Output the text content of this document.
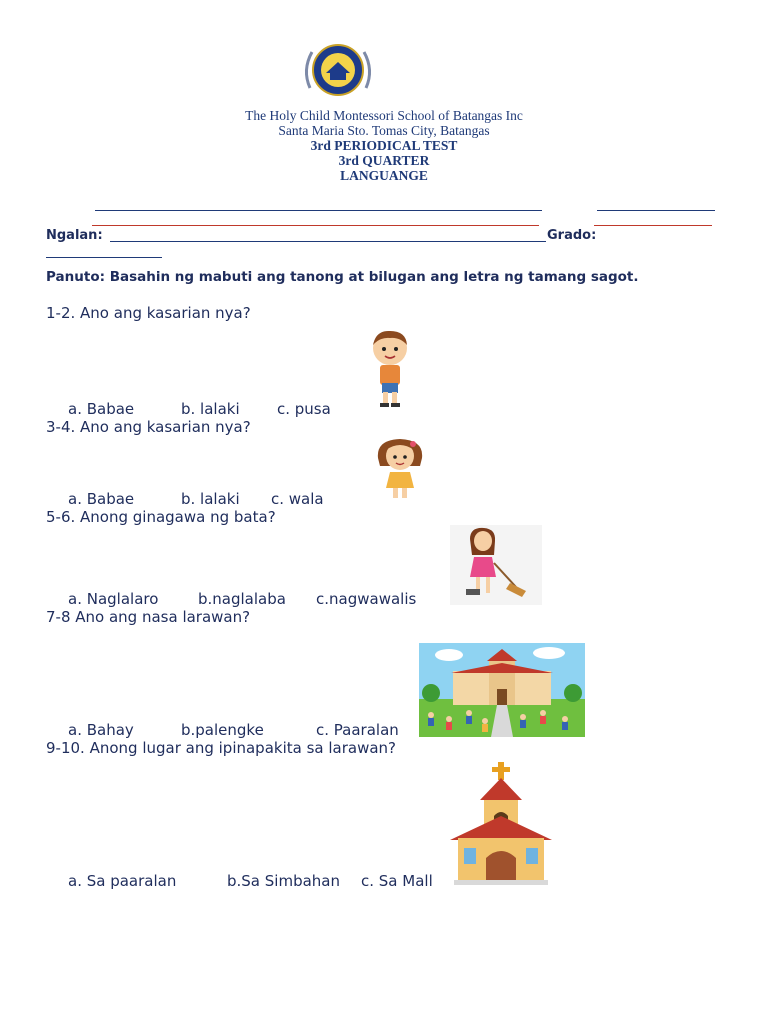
The Holy Child Montessori School of Batangas Inc
Santa Maria Sto. Tomas City, Batangas
3rd PERIODICAL TEST
3rd QUARTER
LANGUANGE
Ngalan:	Grado:
Panuto: Basahin ng mabuti ang tanong at bilugan ang letra ng tamang sagot.
1-2. Ano ang kasarian nya?
a. Babae	b. lalaki c. pusa
3-4. Ano ang kasarian nya?
a. Babae	b. lalaki c. wala
5-6. Anong ginagawa ng bata?
a. Naglalaro	b.naglalaba c.nagwawalis
7-8 Ano ang nasa larawan?
a. Bahay	b.palengke	c. Paaralan
9-10. Anong lugar ang ipinapakita sa larawan?
a. Sa paaralan	b.Sa Simbahan c. Sa Mall
